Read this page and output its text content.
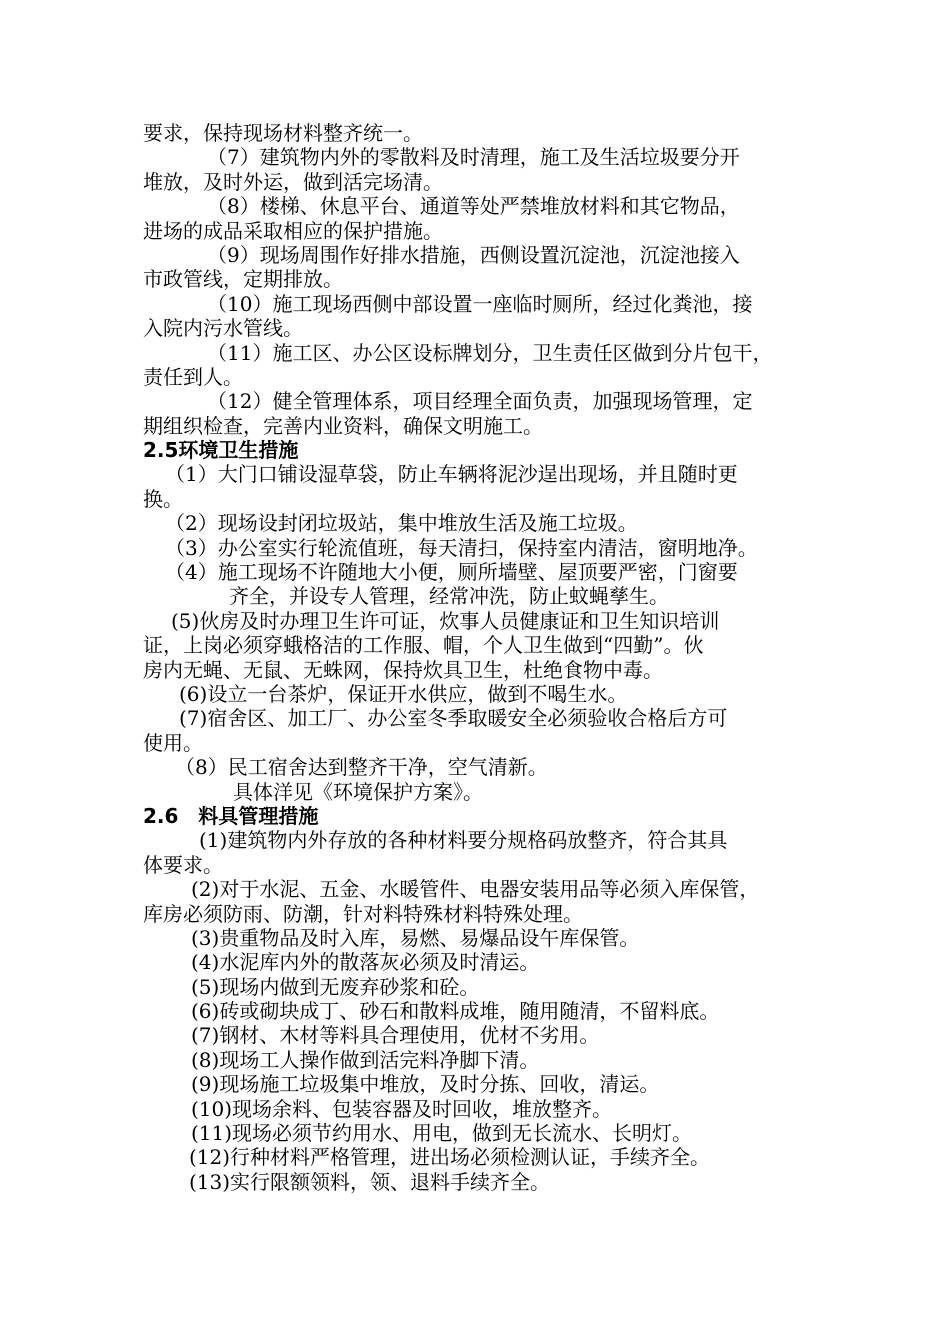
要求，保持现场材料整齐统一。
（7）建筑物内外的零散料及时清理，施工及生活垃圾要分开
堆放，及时外运，做到活完场清。
（8）楼梯、休息平台、通道等处严禁堆放材料和其它物品，
进场的成品采取相应的保护措施。
（9）现场周围作好排水措施，西侧设置沉淀池，沉淀池接入
市政管线，定期排放。
（10）施工现场西侧中部设置一座临时厕所，经过化粪池，接
入院内污水管线。
（11）施工区、办公区设标牌划分，卫生责任区做到分片包干，
责任到人。
（12）健全管理体系，项目经理全面负责，加强现场管理，定
期组织检查，完善内业资料，确保文明施工。
2.5环境卫生措施
（1）大门口铺设湿草袋，防止车辆将泥沙逞出现场，并且随时更
换。
（2）现场设封闭垃圾站，集中堆放生活及施工垃圾。
（3）办公室实行轮流值班，每天清扫，保持室内清洁，窗明地净。
（4）施工现场不许随地大小便，厕所墙壁、屋顶要严密，门窗要
齐全，并设专人管理，经常冲洗，防止蚊蝇孳生。
(5)伙房及时办理卫生许可证，炊事人员健康证和卫生知识培训
证，上岗必须穿蛾格洁的工作服、帽，个人卫生做到“四勤”。伙
房内无蝇、无鼠、无蛛网，保持炊具卫生，杜绝食物中毒。
(6)设立一台茶炉，保证开水供应，做到不喝生水。
(7)宿舍区、加工厂、办公室冬季取暖安全必须验收合格后方可
使用。
（8）民工宿舍达到整齐干净，空气清新。
具体洋见《环境保护方案》。
2.6　料具管理措施
(1)建筑物内外存放的各种材料要分规格码放整齐，符合其具
体要求。
(2)对于水泥、五金、水暖管件、电器安装用品等必须入库保管，
库房必须防雨、防潮，针对料特殊材料特殊处理。
(3)贵重物品及时入库，易燃、易爆品设午库保管。
(4)水泥库内外的散落灰必须及时清运。
(5)现场内做到无废弃砂浆和砼。
(6)砖或砌块成丁、砂石和散料成堆，随用随清，不留料底。
(7)钢材、木材等料具合理使用，优材不劣用。
(8)现场工人操作做到活完料净脚下清。
(9)现场施工垃圾集中堆放，及时分拣、回收，清运。
(10)现场余料、包装容器及时回收，堆放整齐。
(11)现场必须节约用水、用电，做到无长流水、长明灯。
(12)行种材料严格管理，进出场必须检测认证，手续齐全。
(13)实行限额领料，领、退料手续齐全。
